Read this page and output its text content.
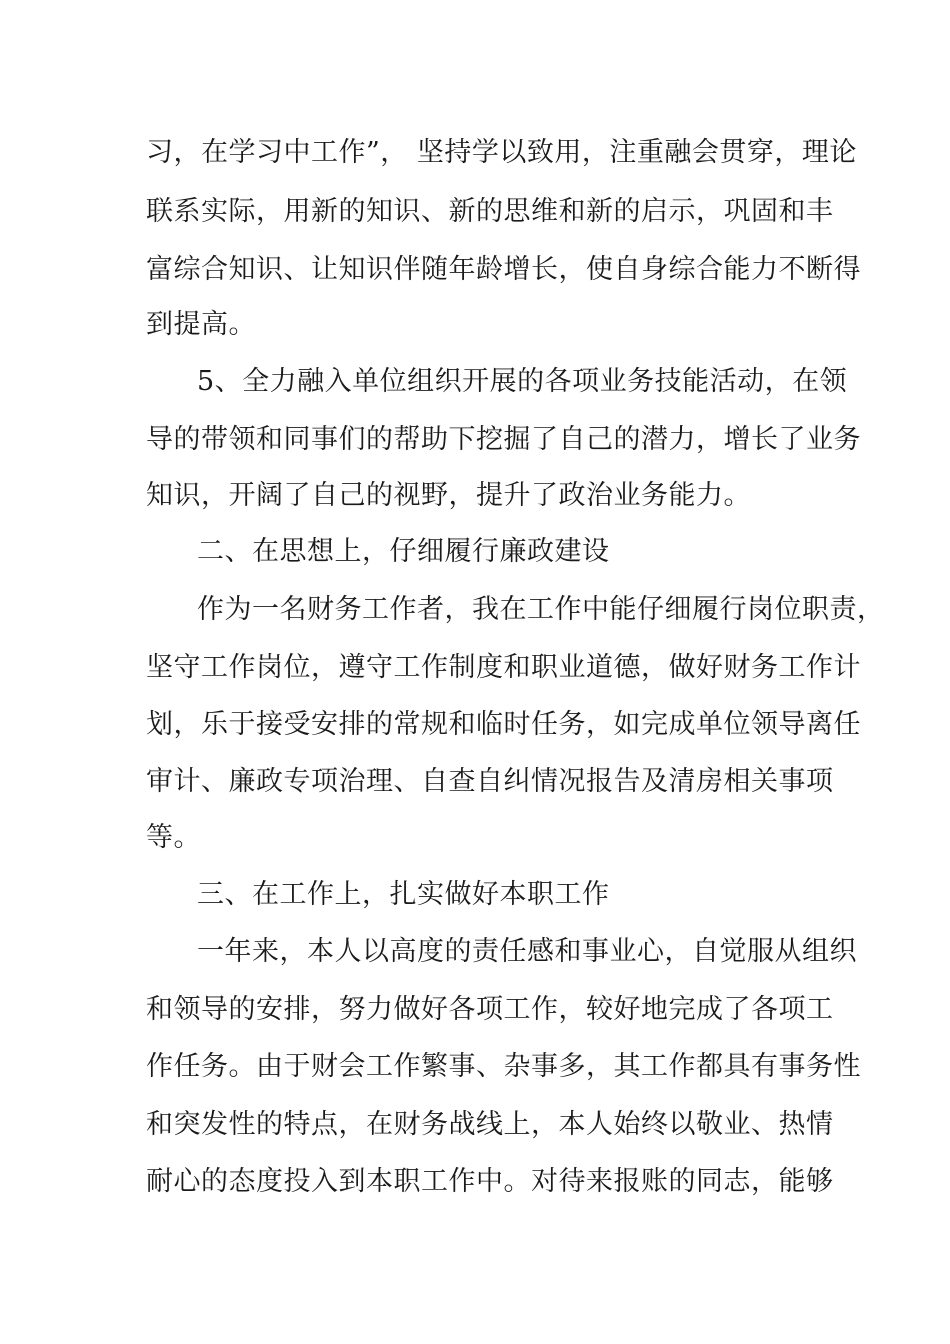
习，在学习中工作”， 坚持学以致用，注重融会贯穿，理论
联系实际，用新的知识、新的思维和新的启示，巩固和丰
富综合知识、让知识伴随年龄增长，使自身综合能力不断得
到提高。
5、全力融入单位组织开展的各项业务技能活动，在领
导的带领和同事们的帮助下挖掘了自己的潜力，增长了业务
知识，开阔了自己的视野，提升了政治业务能力。
二、在思想上，仔细履行廉政建设
作为一名财务工作者，我在工作中能仔细履行岗位职责，
坚守工作岗位，遵守工作制度和职业道德，做好财务工作计
划，乐于接受安排的常规和临时任务，如完成单位领导离任
审计、廉政专项治理、自查自纠情况报告及清房相关事项
等。
三、在工作上，扎实做好本职工作
一年来，本人以高度的责任感和事业心，自觉服从组织
和领导的安排，努力做好各项工作，较好地完成了各项工
作任务。由于财会工作繁事、杂事多，其工作都具有事务性
和突发性的特点，在财务战线上，本人始终以敬业、热情
耐心的态度投入到本职工作中。对待来报账的同志，能够
